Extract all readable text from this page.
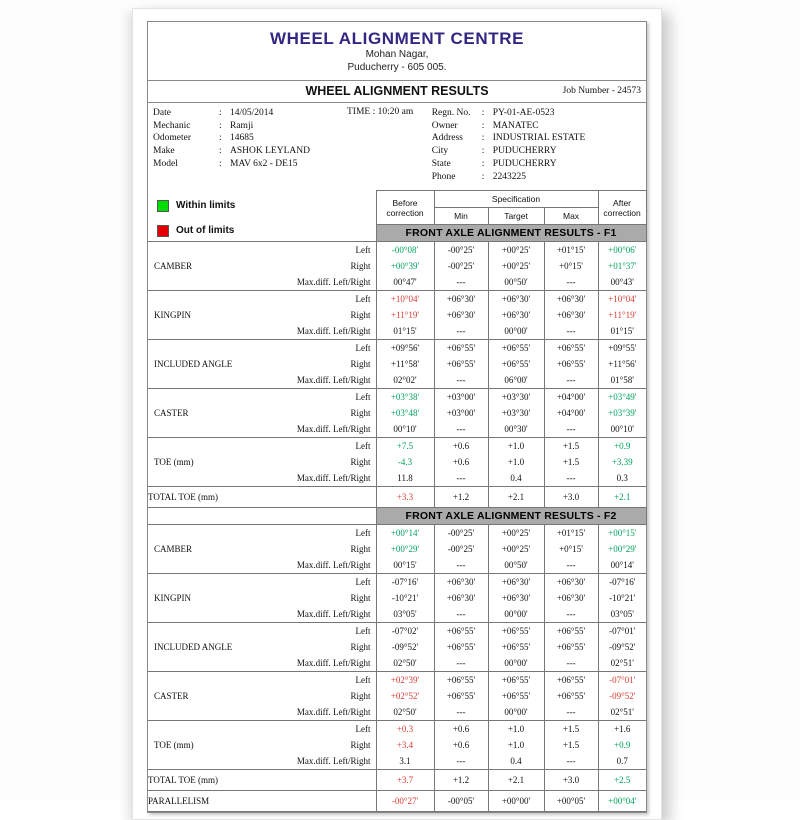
WHEEL ALIGNMENT CENTRE
Mohan Nagar,
Puducherry - 605 005.
WHEEL ALIGNMENT RESULTS	Job Number - 24573
TIME : 10:20 am
Date	: 14/05/2014
Mechanic	: Ramji
Odometer	: 14685
Make	: ASHOK LEYLAND
Model	: MAV 6x2 - DE15
Regn. No.	: PY-01-AE-0523
Owner	: MANATEC
Address	: INDUSTRIAL ESTATE
City	: PUDUCHERRY
State	: PUDUCHERRY
Phone	: 2243225
Within limits
Out of limits	Before correction	Specification			After correction
		Min	Target	Max	
	FRONT AXLE ALIGNMENT RESULTS - F1				

Left	-00°08'	-00°25'	+00°25'	+01°15'	+00°06'

CAMBER Right	+00°39'	-00°25'	+00°25'	+0°15'	+01°37'

Max.diff. Left/Right	00°47'	---	00°50'	---	00°43'

Left	+10°04'	+06°30'	+06°30'	+06°30'	+10°04'

KINGPIN Right	+11°19'	+06°30'	+06°30'	+06°30'	+11°19'

Max.diff. Left/Right	01°15'	---	00°00'	---	01°15'

Left	+09°56'	+06°55'	+06°55'	+06°55'	+09°55'

INCLUDED ANGLE Right	+11°58'	+06°55'	+06°55'	+06°55'	+11°56'

Max.diff. Left/Right	02°02'	---	06°00'	---	01°58'

Left	+03°38'	+03°00'	+03°30'	+04°00'	+03°49'

CASTER Right	+03°48'	+03°00'	+03°30'	+04°00'	+03°39'

Max.diff. Left/Right	00°10'	---	00°30'	---	00°10'

Left	+7.5	+0.6	+1.0	+1.5	+0.9

TOE (mm) Right	-4.3	+0.6	+1.0	+1.5	+3.39

Max.diff. Left/Right	11.8	---	0.4	---	0.3
TOTAL TOE (mm)	+3.3	+1.2	+2.1	+3.0	+2.1
	FRONT AXLE ALIGNMENT RESULTS - F2				

Left	+00°14'	-00°25'	+00°25'	+01°15'	+00°15'

CAMBER Right	+00°29'	-00°25'	+00°25'	+0°15'	+00°29'

Max.diff. Left/Right	00°15'	---	00°50'	---	00°14'

Left	-07°16'	+06°30'	+06°30'	+06°30'	-07°16'

KINGPIN Right	-10°21'	+06°30'	+06°30'	+06°30'	-10°21'

Max.diff. Left/Right	03°05'	---	00°00'	---	03°05'

Left	-07°02'	+06°55'	+06°55'	+06°55'	-07°01'

INCLUDED ANGLE Right	-09°52'	+06°55'	+06°55'	+06°55'	-09°52'

Max.diff. Left/Right	02°50'	---	00°00'	---	02°51'

Left	+02°39'	+06°55'	+06°55'	+06°55'	-07°01'

CASTER Right	+02°52'	+06°55'	+06°55'	+06°55'	-09°52'

Max.diff. Left/Right	02°50'	---	00°00'	---	02°51'

Left	+0.3	+0.6	+1.0	+1.5	+1.6

TOE (mm) Right	+3.4	+0.6	+1.0	+1.5	+0.9

Max.diff. Left/Right	3.1	---	0.4	---	0.7
TOTAL TOE (mm)	+3.7	+1.2	+2.1	+3.0	+2.5
PARALLELISM	-00°27'	-00°05'	+00°00'	+00°05'	+00°04'
